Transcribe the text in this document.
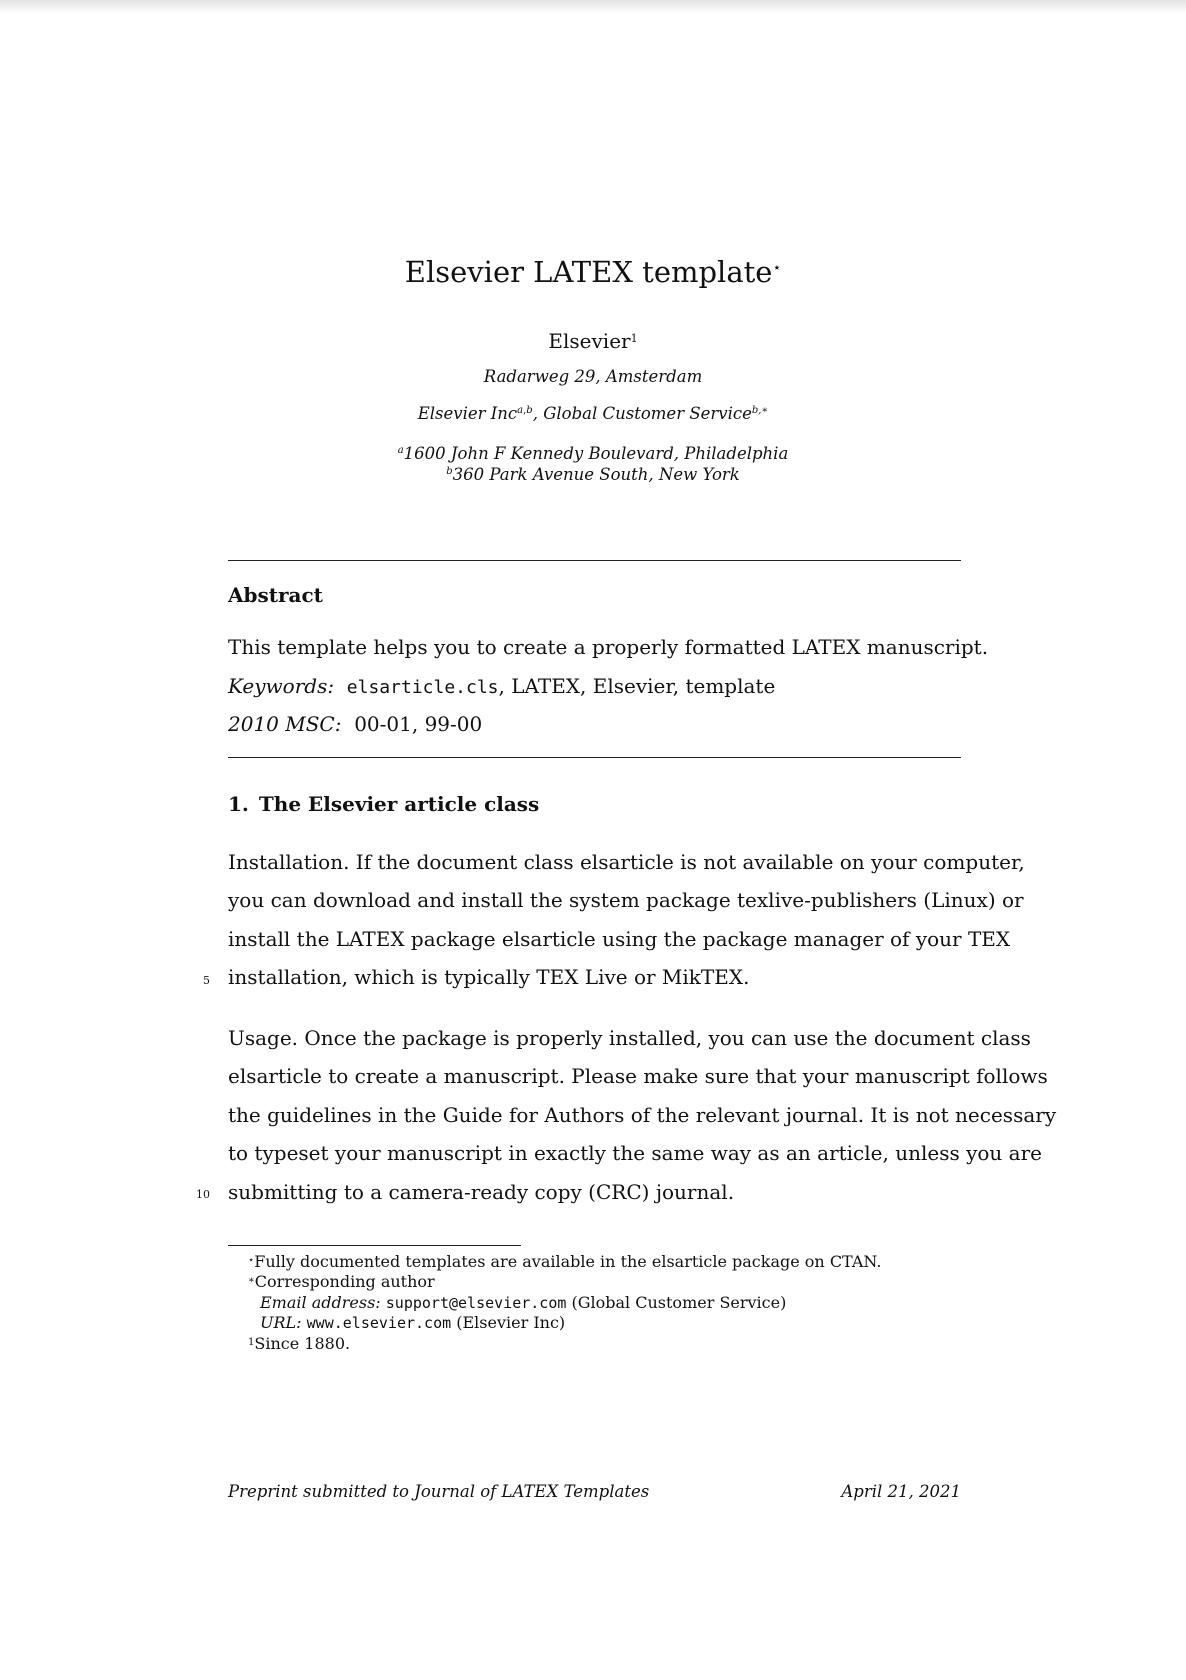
Elsevier LATEX template⋆
Elsevier$^1$
Radarweg 29, Amsterdam
Elsevier Inc$^{a,b}$, Global Customer Service$^{b,∗}$
$^a$1600 John F Kennedy Boulevard, Philadelphia
$^b$360 Park Avenue South, New York
Abstract
This template helps you to create a properly formatted LATEX manuscript.
Keywords: elsarticle.cls, LATEX, Elsevier, template
2010 MSC: 00-01, 99-00
1. The Elsevier article class
Installation. If the document class elsarticle is not available on your computer,
you can download and install the system package texlive-publishers (Linux) or
install the LATEX package elsarticle using the package manager of your TEX
installation, which is typically TEX Live or MikTEX.
5
Usage. Once the package is properly installed, you can use the document class
elsarticle to create a manuscript. Please make sure that your manuscript follows
the guidelines in the Guide for Authors of the relevant journal. It is not necessary
to typeset your manuscript in exactly the same way as an article, unless you are
submitting to a camera-ready copy (CRC) journal.
10
⋆Fully documented templates are available in the elsarticle package on CTAN.
∗Corresponding author
Email address: support@elsevier.com (Global Customer Service)
URL: www.elsevier.com (Elsevier Inc)
$^1$Since 1880.
Preprint submitted to Journal of LATEX Templates	April 21, 2021
